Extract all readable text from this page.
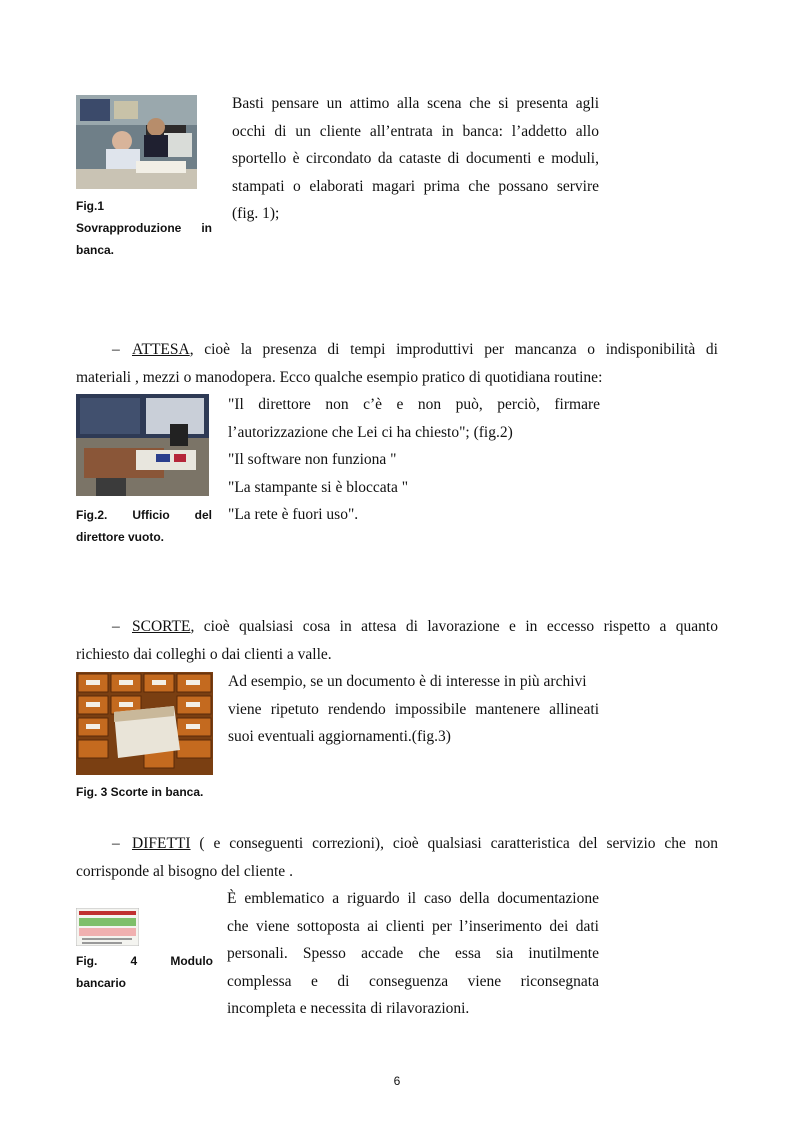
Fig.1
Sovrapproduzione in
banca.
Basti pensare un attimo alla scena che si presenta agli
occhi di un cliente all’entrata in banca: l’addetto allo
sportello è circondato da cataste di documenti e moduli,
stampati o elaborati magari prima che possano servire
(fig. 1);
– ATTESA, cioè la presenza di tempi improduttivi per mancanza o indisponibilità di
materiali , mezzi o manodopera. Ecco qualche esempio pratico di quotidiana routine:
"Il direttore non c’è e non può, perciò, firmare
l’autorizzazione che Lei ci ha chiesto"; (fig.2)
"Il software non funziona "
"La stampante si è bloccata "
"La rete è fuori uso".
Fig.2. Ufficio del
direttore vuoto.
– SCORTE, cioè qualsiasi cosa in attesa di lavorazione e in eccesso rispetto a quanto
richiesto dai colleghi o dai clienti a valle.
Ad esempio, se un documento è di interesse in più archivi
viene ripetuto rendendo impossibile mantenere allineati
suoi eventuali aggiornamenti.(fig.3)
Fig. 3 Scorte in banca.
– DIFETTI ( e conseguenti correzioni), cioè qualsiasi caratteristica del servizio che non
corrisponde al bisogno del cliente .
Fig.	4	Modulo
bancario
È emblematico a riguardo il caso della documentazione
che viene sottoposta ai clienti per l’inserimento dei dati
personali. Spesso accade che essa sia inutilmente
complessa e di conseguenza viene riconsegnata
incompleta e necessita di rilavorazioni.
6
